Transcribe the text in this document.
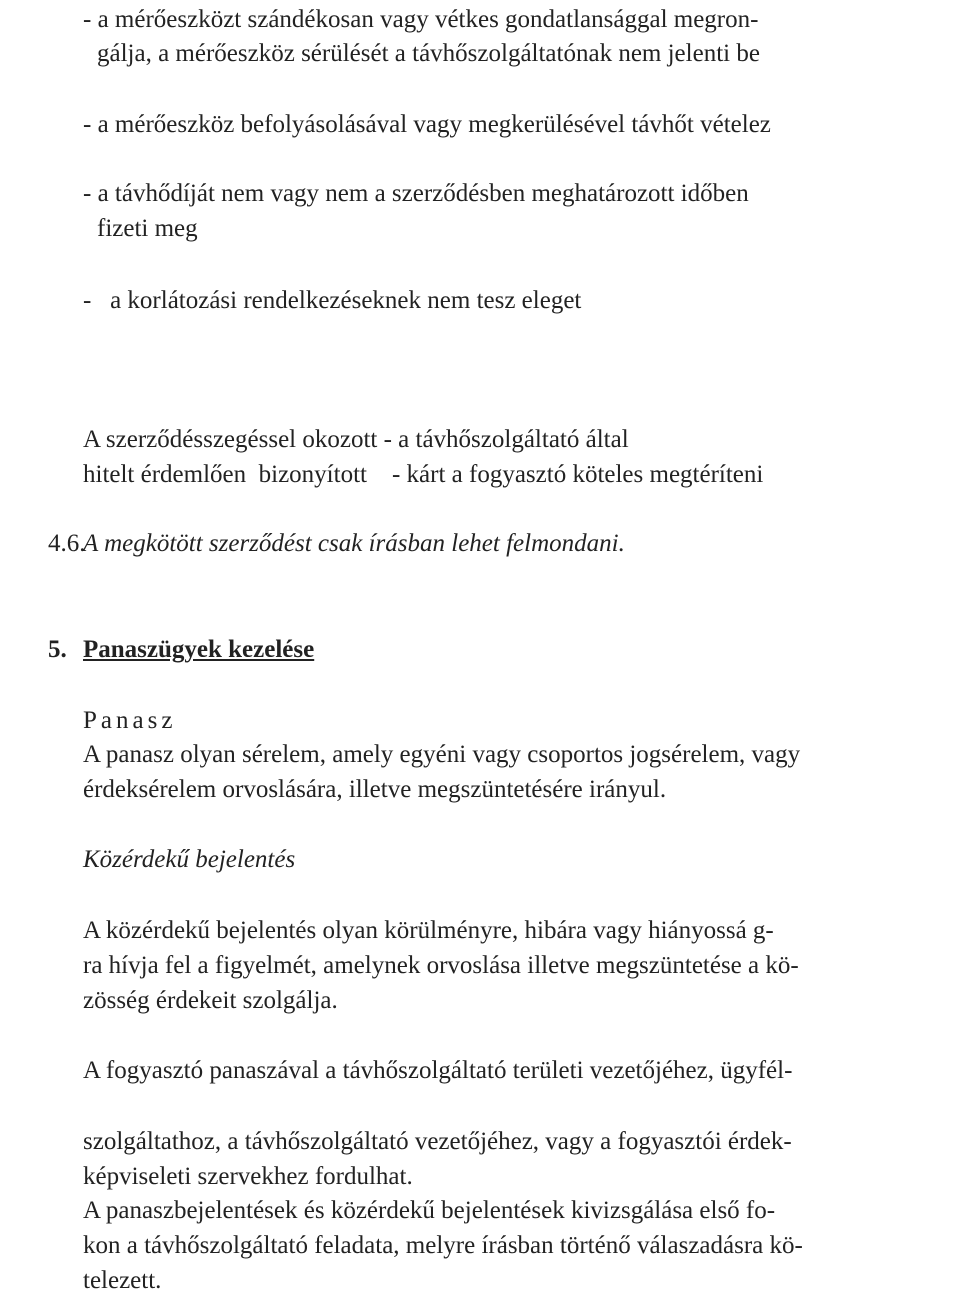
- a mérőeszközt szándékosan vagy vétkes gondatlansággal megron-

gálja, a mérőeszköz sérülését a távhőszolgáltatónak nem jelenti be

- a mérőeszköz befolyásolásával vagy megkerülésével távhőt vételez

- a távhődíját nem vagy nem a szerződésben meghatározott időben

fizeti meg

-   a korlátozási rendelkezéseknek nem tesz eleget

A szerződésszegéssel okozott - a távhőszolgáltató által

hitelt érdemlően  bizonyított    - kárt a fogyasztó köteles megtéríteni

4.6.

A megkötött szerződést csak írásban lehet felmondani.

5. Panaszügyek kezelése

Panasz

A panasz olyan sérelem, amely egyéni vagy csoportos jogsérelem, vagy

érdeksérelem orvoslására, illetve megszüntetésére irányul.

Közérdekű bejelentés

A közérdekű bejelentés olyan körülményre, hibára vagy hiányossá g-

ra hívja fel a figyelmét, amelynek orvoslása illetve megszüntetése a kö-

zösség érdekeit szolgálja.

A fogyasztó panaszával a távhőszolgáltató területi vezetőjéhez, ügyfél-

szolgáltathoz, a távhőszolgáltató vezetőjéhez, vagy a fogyasztói érdek-

képviseleti szervekhez fordulhat.

A panaszbejelentések és közérdekű bejelentések kivizsgálása első fo-

kon a távhőszolgáltató feladata, melyre írásban történő válaszadásra kö-

telezett.
